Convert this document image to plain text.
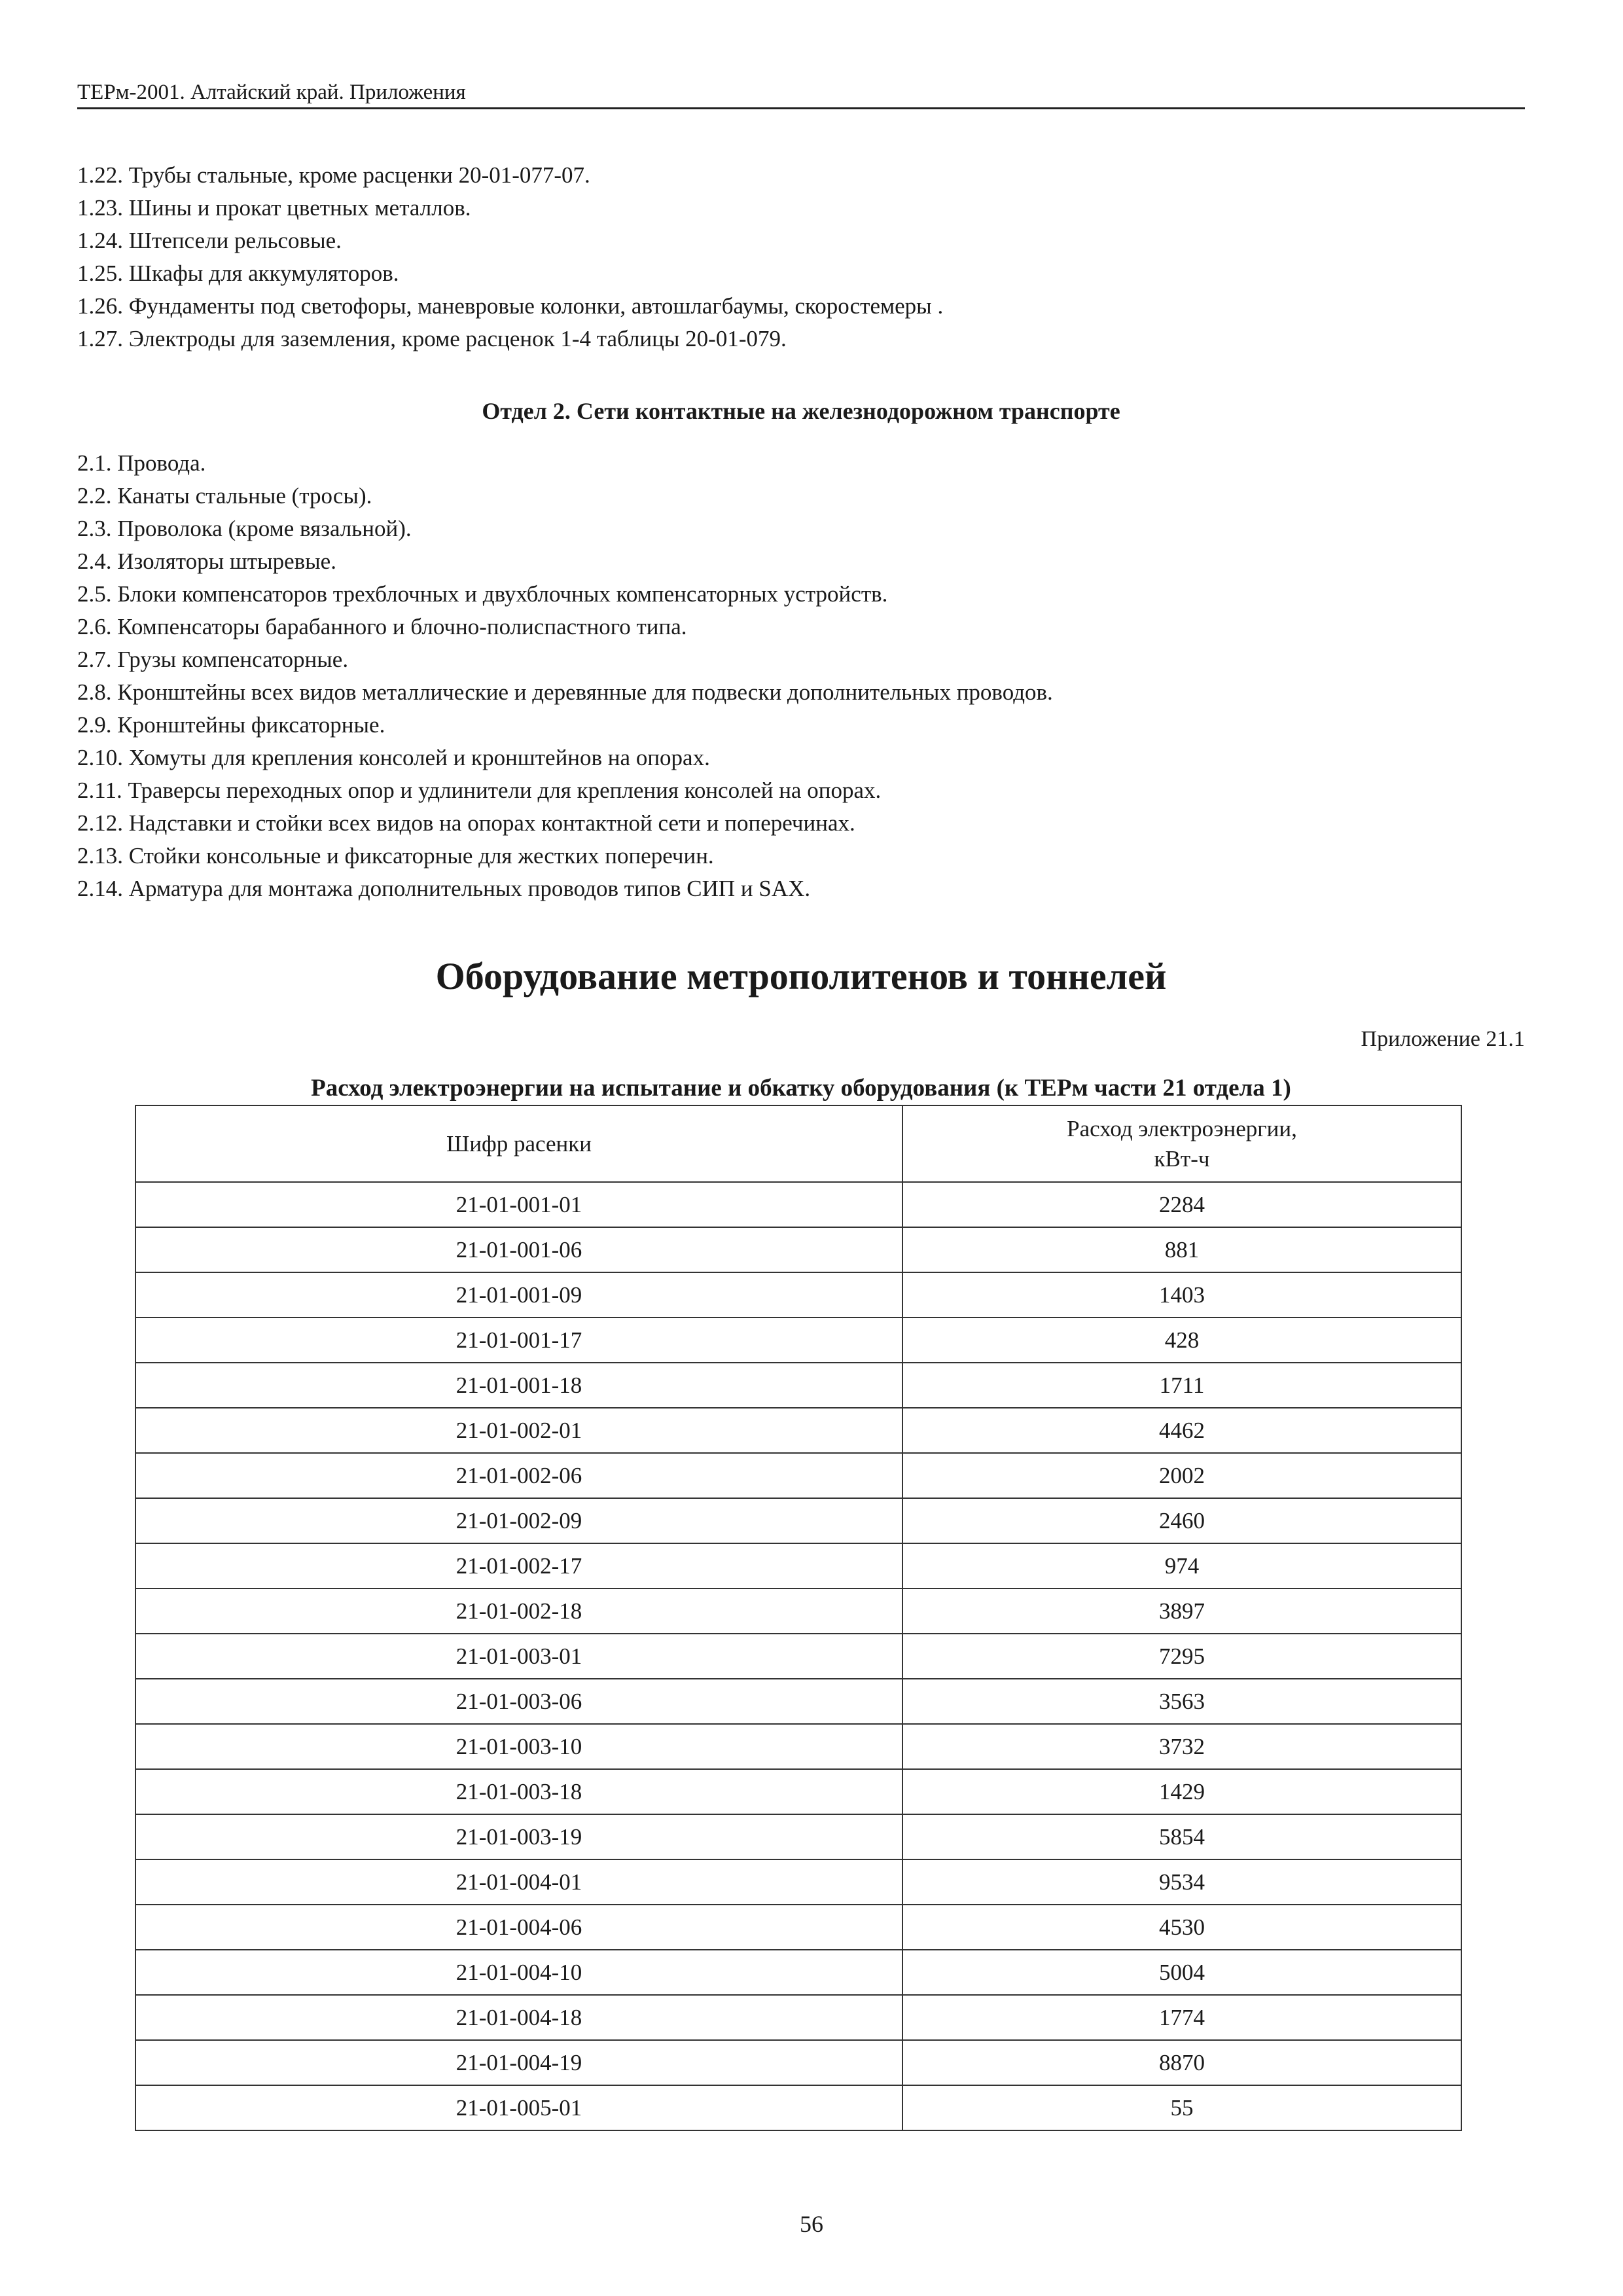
ТЕРм-2001. Алтайский край. Приложения
1.22. Трубы стальные, кроме расценки 20-01-077-07.
1.23. Шины и прокат цветных металлов.
1.24. Штепсели рельсовые.
1.25. Шкафы для аккумуляторов.
1.26. Фундаменты под светофоры, маневровые колонки, автошлагбаумы, скоростемеры .
1.27. Электроды для заземления, кроме расценок 1-4 таблицы 20-01-079.
Отдел 2. Сети контактные на железнодорожном транспорте
2.1. Провода.
2.2. Канаты стальные (тросы).
2.3. Проволока (кроме вязальной).
2.4. Изоляторы штыревые.
2.5. Блоки компенсаторов трехблочных и двухблочных компенсаторных устройств.
2.6. Компенсаторы барабанного и блочно-полиспастного типа.
2.7. Грузы компенсаторные.
2.8. Кронштейны всех видов металлические и деревянные для подвески дополнительных проводов.
2.9. Кронштейны фиксаторные.
2.10. Хомуты для крепления консолей и кронштейнов на опорах.
2.11. Траверсы переходных опор и удлинители для крепления консолей на опорах.
2.12. Надставки и стойки всех видов на опорах контактной сети и поперечинах.
2.13. Стойки консольные и фиксаторные для жестких поперечин.
2.14. Арматура для монтажа дополнительных проводов типов СИП и SAX.
Оборудование метрополитенов и тоннелей
Приложение 21.1
Расход электроэнергии на испытание и обкатку оборудования (к ТЕРм части 21 отдела 1)
Шифр расенки	Расход электроэнергии,
кВт-ч

21-01-001-01	2284
21-01-001-06	881
21-01-001-09	1403
21-01-001-17	428
21-01-001-18	1711
21-01-002-01	4462
21-01-002-06	2002
21-01-002-09	2460
21-01-002-17	974
21-01-002-18	3897
21-01-003-01	7295
21-01-003-06	3563
21-01-003-10	3732
21-01-003-18	1429
21-01-003-19	5854
21-01-004-01	9534
21-01-004-06	4530
21-01-004-10	5004
21-01-004-18	1774
21-01-004-19	8870
21-01-005-01	55
56
